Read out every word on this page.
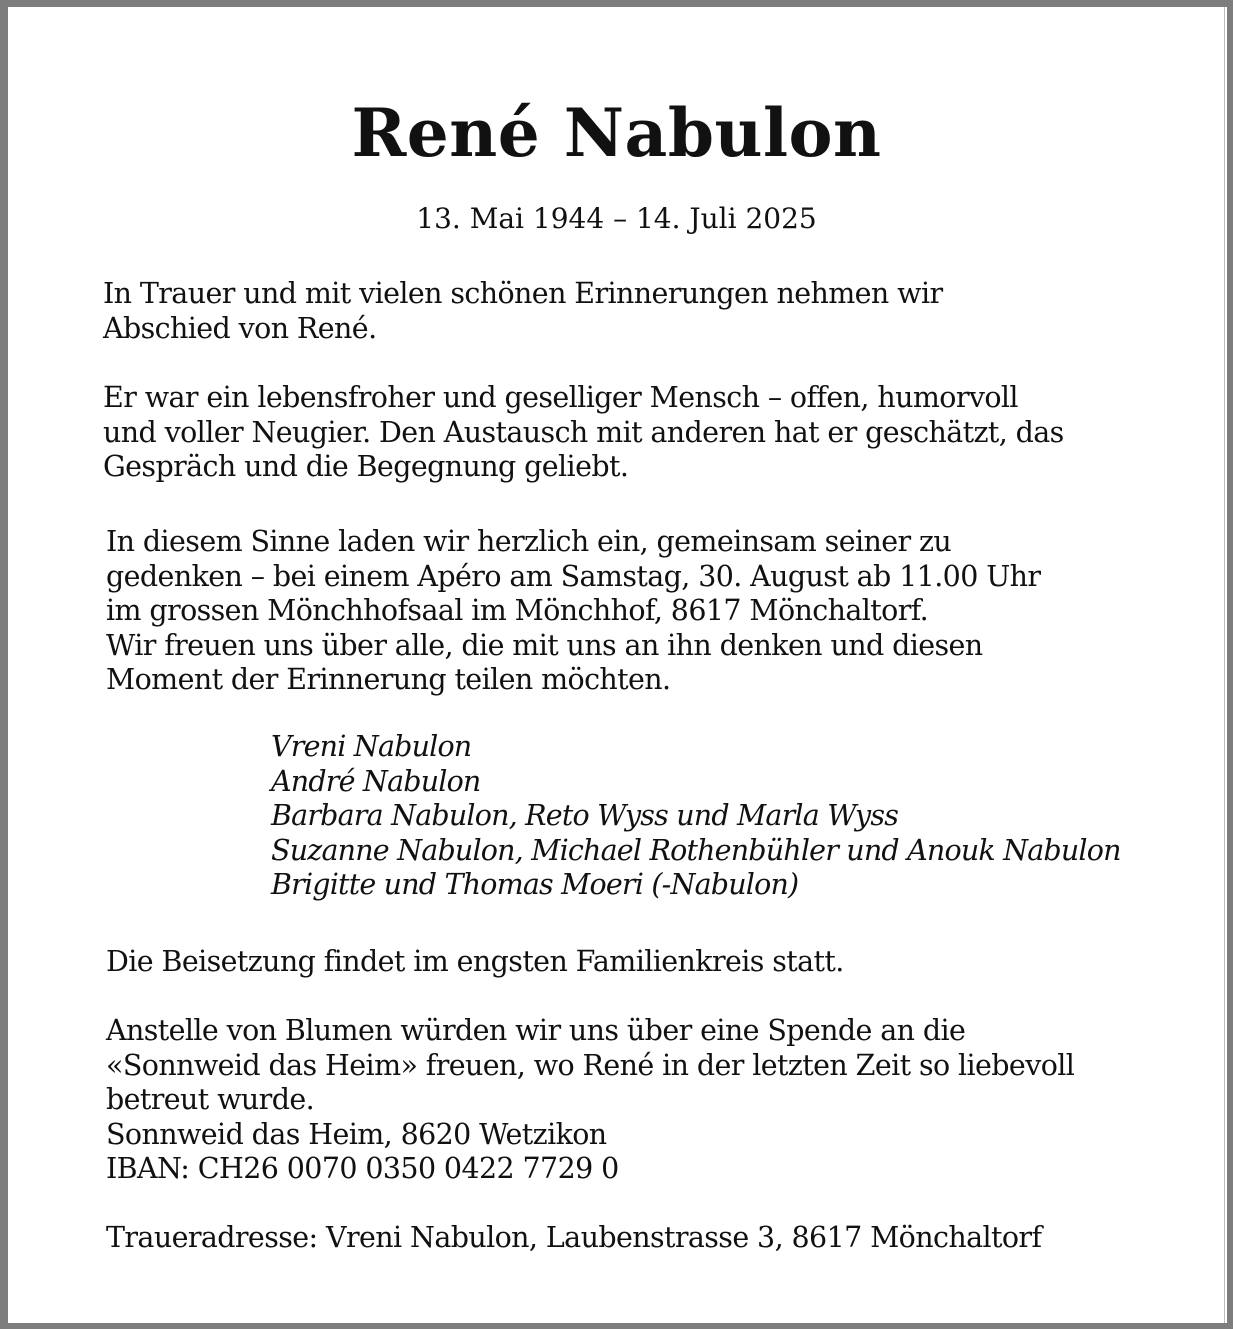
René Nabulon
13. Mai 1944 – 14. Juli 2025
In Trauer und mit vielen schönen Erinnerungen nehmen wir
Abschied von René.
Er war ein lebensfroher und geselliger Mensch – offen, humorvoll
und voller Neugier. Den Austausch mit anderen hat er geschätzt, das
Gespräch und die Begegnung geliebt.
In diesem Sinne laden wir herzlich ein, gemeinsam seiner zu
gedenken – bei einem Apéro am Samstag, 30. August ab 11.00 Uhr
im grossen Mönchhofsaal im Mönchhof, 8617 Mönchaltorf.
Wir freuen uns über alle, die mit uns an ihn denken und diesen
Moment der Erinnerung teilen möchten.
Vreni Nabulon
André Nabulon
Barbara Nabulon, Reto Wyss und Marla Wyss
Suzanne Nabulon, Michael Rothenbühler und Anouk Nabulon
Brigitte und Thomas Moeri (-Nabulon)
Die Beisetzung findet im engsten Familienkreis statt.
Anstelle von Blumen würden wir uns über eine Spende an die
«Sonnweid das Heim» freuen, wo René in der letzten Zeit so liebevoll
betreut wurde.
Sonnweid das Heim, 8620 Wetzikon
IBAN: CH26 0070 0350 0422 7729 0
Traueradresse: Vreni Nabulon, Laubenstrasse 3, 8617 Mönchaltorf
